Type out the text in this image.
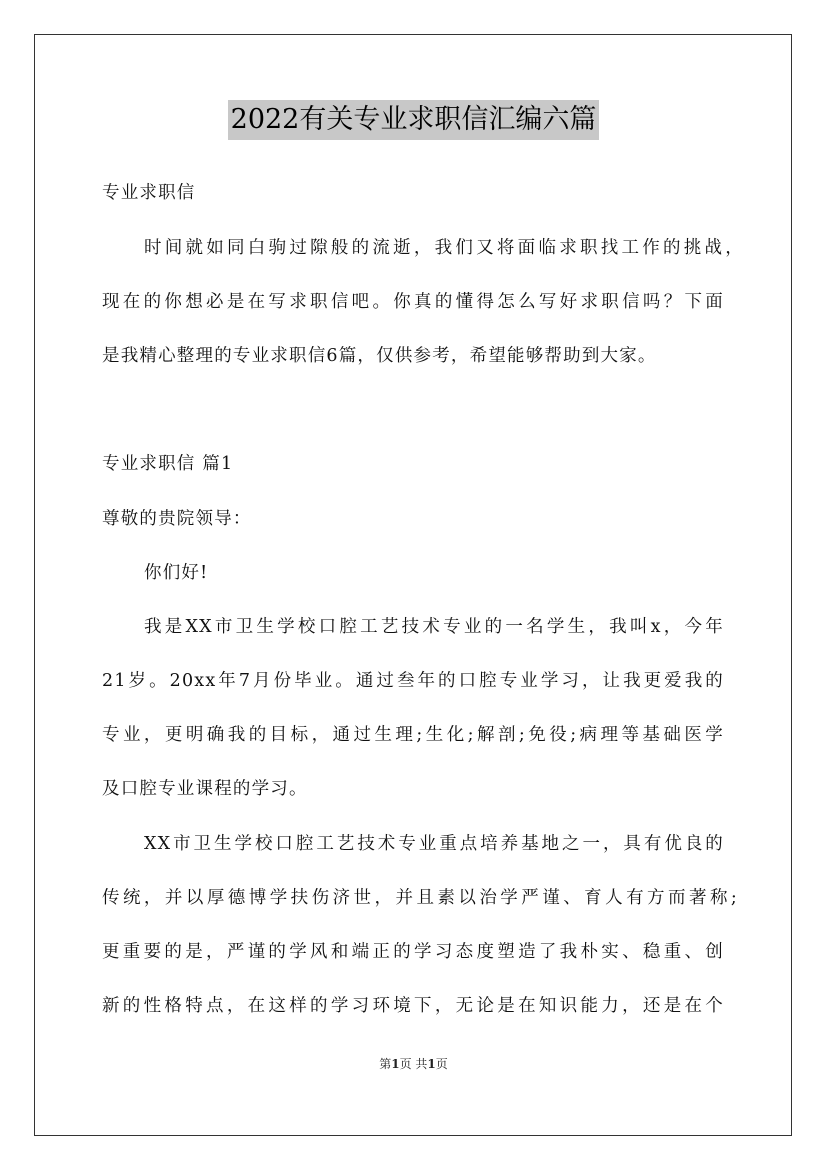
2022有关专业求职信汇编六篇
专业求职信
时间就如同白驹过隙般的流逝，我们又将面临求职找工作的挑战，
现在的你想必是在写求职信吧。你真的懂得怎么写好求职信吗？下面
是我精心整理的专业求职信6篇，仅供参考，希望能够帮助到大家。
专业求职信 篇1
尊敬的贵院领导：
你们好!
我是XX市卫生学校口腔工艺技术专业的一名学生，我叫x，今年
21岁。20xx年7月份毕业。通过叁年的口腔专业学习，让我更爱我的
专业，更明确我的目标，通过生理;生化;解剖;免役;病理等基础医学
及口腔专业课程的学习。
XX市卫生学校口腔工艺技术专业重点培养基地之一，具有优良的
传统，并以厚德博学扶伤济世，并且素以治学严谨、育人有方而著称;
更重要的是，严谨的学风和端正的学习态度塑造了我朴实、稳重、创
新的性格特点，在这样的学习环境下，无论是在知识能力，还是在个
第1页 共1页
